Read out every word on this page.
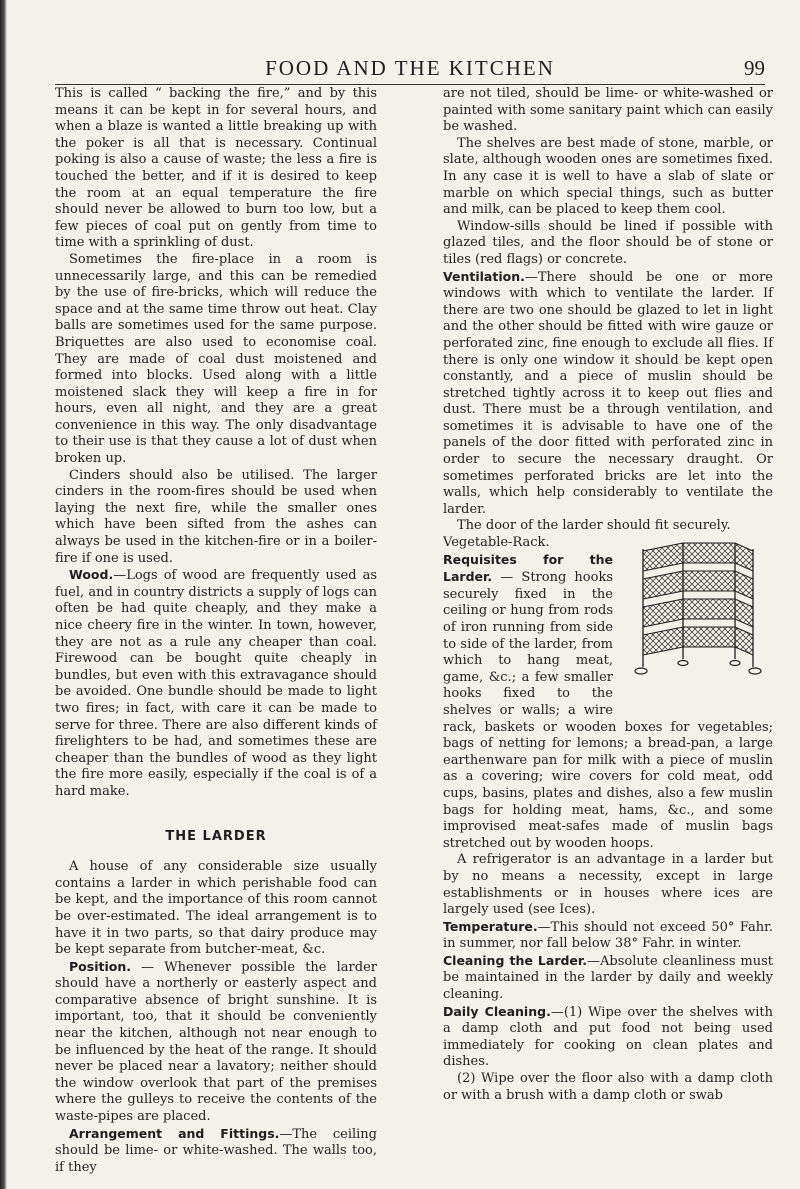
FOOD AND THE KITCHEN	99

This is called “ backing the fire,” and by this means it can be kept in for several hours, and when a blaze is wanted a little breaking up with the poker is all that is necessary. Continual poking is also a cause of waste; the less a fire is touched the better, and if it is desired to keep the room at an equal temperature the fire should never be allowed to burn too low, but a few pieces of coal put on gently from time to time with a sprinkling of dust.

Sometimes the fire-place in a room is unnecessarily large, and this can be remedied by the use of fire-bricks, which will reduce the space and at the same time throw out heat. Clay balls are sometimes used for the same purpose. Briquettes are also used to economise coal. They are made of coal dust moistened and formed into blocks. Used along with a little moistened slack they will keep a fire in for hours, even all night, and they are a great convenience in this way. The only disadvantage to their use is that they cause a lot of dust when broken up.

Cinders should also be utilised. The larger cinders in the room-fires should be used when laying the next fire, while the smaller ones which have been sifted from the ashes can always be used in the kitchen-fire or in a boiler-fire if one is used.

Wood.—Logs of wood are frequently used as fuel, and in country districts a supply of logs can often be had quite cheaply, and they make a nice cheery fire in the winter. In town, however, they are not as a rule any cheaper than coal. Firewood can be bought quite cheaply in bundles, but even with this extravagance should be avoided. One bundle should be made to light two fires; in fact, with care it can be made to serve for three. There are also different kinds of firelighters to be had, and sometimes these are cheaper than the bundles of wood as they light the fire more easily, especially if the coal is of a hard make.

THE LARDER

A house of any considerable size usually contains a larder in which perishable food can be kept, and the importance of this room cannot be over-estimated. The ideal arrangement is to have it in two parts, so that dairy produce may be kept separate from butcher-meat, &c.

Position. — Whenever possible the larder should have a northerly or easterly aspect and comparative absence of bright sunshine. It is important, too, that it should be conveniently near the kitchen, although not near enough to be influenced by the heat of the range. It should never be placed near a lavatory; neither should the window overlook that part of the premises where the gulleys to receive the contents of the waste-pipes are placed.

Arrangement and Fittings.—The ceiling should be lime- or white-washed. The walls too, if they

are not tiled, should be lime- or white-washed or painted with some sanitary paint which can easily be washed.

The shelves are best made of stone, marble, or slate, although wooden ones are sometimes fixed. In any case it is well to have a slab of slate or marble on which special things, such as butter and milk, can be placed to keep them cool.

Window-sills should be lined if possible with glazed tiles, and the floor should be of stone or tiles (red flags) or concrete.

Ventilation.—There should be one or more windows with which to ventilate the larder. If there are two one should be glazed to let in light and the other should be fitted with wire gauze or perforated zinc, fine enough to exclude all flies. If there is only one window it should be kept open constantly, and a piece of muslin should be stretched tightly across it to keep out flies and dust. There must be a through ventilation, and sometimes it is advisable to have one of the panels of the door fitted with perforated zinc in order to secure the necessary draught. Or sometimes perforated bricks are let into the walls, which help considerably to ventilate the larder.

The door of the larder should fit securely.

Vegetable-Rack.
Requisites for the Larder. — Strong hooks securely fixed in the ceiling or hung from rods of iron running from side to side of the larder, from which to hang meat, game, &c.; a few smaller hooks fixed to the shelves or walls; a wire rack, baskets or wooden boxes for vegetables; bags of netting for lemons; a bread-pan, a large earthenware pan for milk with a piece of muslin as a covering; wire covers for cold meat, odd cups, basins, plates and dishes, also a few muslin bags for holding meat, hams, &c., and some improvised meat-safes made of muslin bags stretched out by wooden hoops.

A refrigerator is an advantage in a larder but by no means a necessity, except in large establishments or in houses where ices are largely used (see Ices).

Temperature.—This should not exceed 50° Fahr. in summer, nor fall below 38° Fahr. in winter.

Cleaning the Larder.—Absolute cleanliness must be maintained in the larder by daily and weekly cleaning.

Daily Cleaning.—(1) Wipe over the shelves with a damp cloth and put food not being used immediately for cooking on clean plates and dishes.

(2) Wipe over the floor also with a damp cloth or with a brush with a damp cloth or swab
